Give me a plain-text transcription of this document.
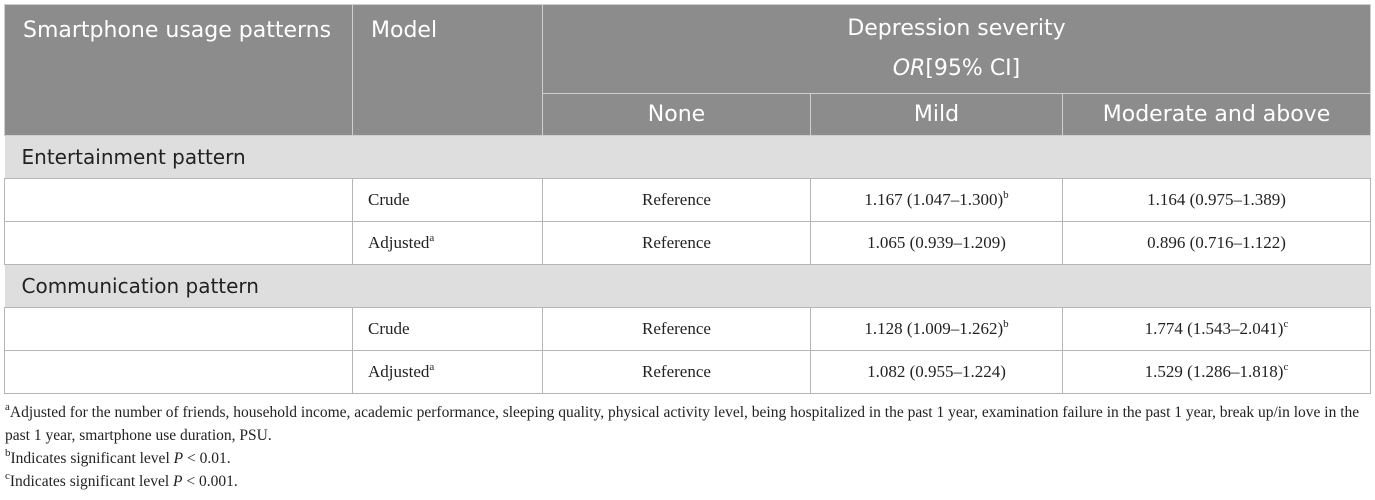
Smartphone usage patterns	Model	Depression severity
OR[95% CI]		

		None	Mild	Moderate and above
Entertainment pattern				
	Crude	Reference	1.167 $(1.047-1.300)^b$	1.164 (0.975–1.389)
	Adjusted$^a$	Reference	1.065 (0.939–1.209)	0.896 (0.716–1.122)
Communication pattern				
	Crude	Reference	1.128 $(1.009-1.262)^b$	1.774 $(1.543-2.041)^c$
	Adjusted$^a$	Reference	1.082 (0.955–1.224)	1.529 $(1.286-1.818)^c$

$^a$Adjusted for the number of friends, household income, academic performance, sleeping quality, physical activity level, being hospitalized in the past 1 year, examination failure in the past 1 year, break up/in love in the past 1 year, smartphone use duration, PSU.

$^b$Indicates significant level P < 0.01.

$^c$Indicates significant level P < 0.001.
